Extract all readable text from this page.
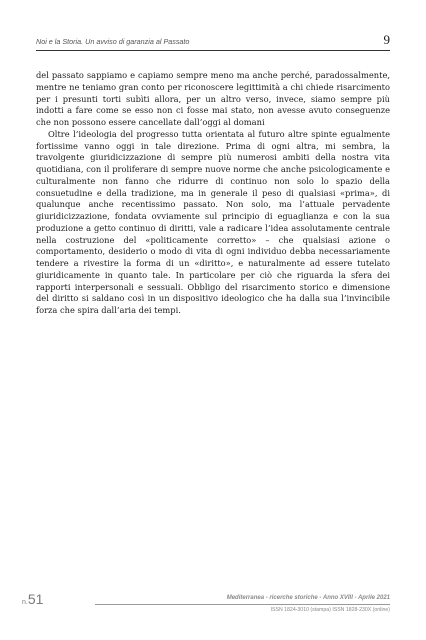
Noi e la Storia. Un avviso di garanzia al Passato	9

del passato sappiamo e capiamo sempre meno ma anche perché, paradossalmente, mentre ne teniamo gran conto per riconoscere legittimità a chi chiede risarcimento per i presunti torti subìti allora, per un altro verso, invece, siamo sempre più indotti a fare come se esso non ci fosse mai stato, non avesse avuto conseguenze che non possono essere cancellate dall’oggi al domani

Oltre l’ideologia del progresso tutta orientata al futuro altre spinte egualmente fortissime vanno oggi in tale direzione. Prima di ogni altra, mi sembra, la travolgente giuridicizzazione di sempre più numerosi ambiti della nostra vita quotidiana, con il proliferare di sempre nuove norme che anche psicologicamente e culturalmente non fanno che ridurre di continuo non solo lo spazio della consuetudine e della tradizione, ma in generale il peso di qualsiasi «prima», di qualunque anche recentissimo passato. Non solo, ma l’attuale pervadente giuridicizzazione, fondata ovviamente sul principio di eguaglianza e con la sua produzione a getto continuo di diritti, vale a radicare l’idea assolutamente centrale nella costruzione del «politicamente corretto» – che qualsiasi azione o comportamento, desiderio o modo di vita di ogni individuo debba necessariamente tendere a rivestire la forma di un «diritto», e naturalmente ad essere tutelato giuridicamente in quanto tale. In particolare per ciò che riguarda la sfera dei rapporti interpersonali e sessuali. Obbligo del risarcimento storico e dimensione del diritto si saldano così in un dispositivo ideologico che ha dalla sua l’invincibile forza che spira dall’aria dei tempi.

n.51	Mediterranea - ricerche storiche - Anno XVIII - Aprile 2021
ISSN 1824-3010 (stampa) ISSN 1828-230X (online)
